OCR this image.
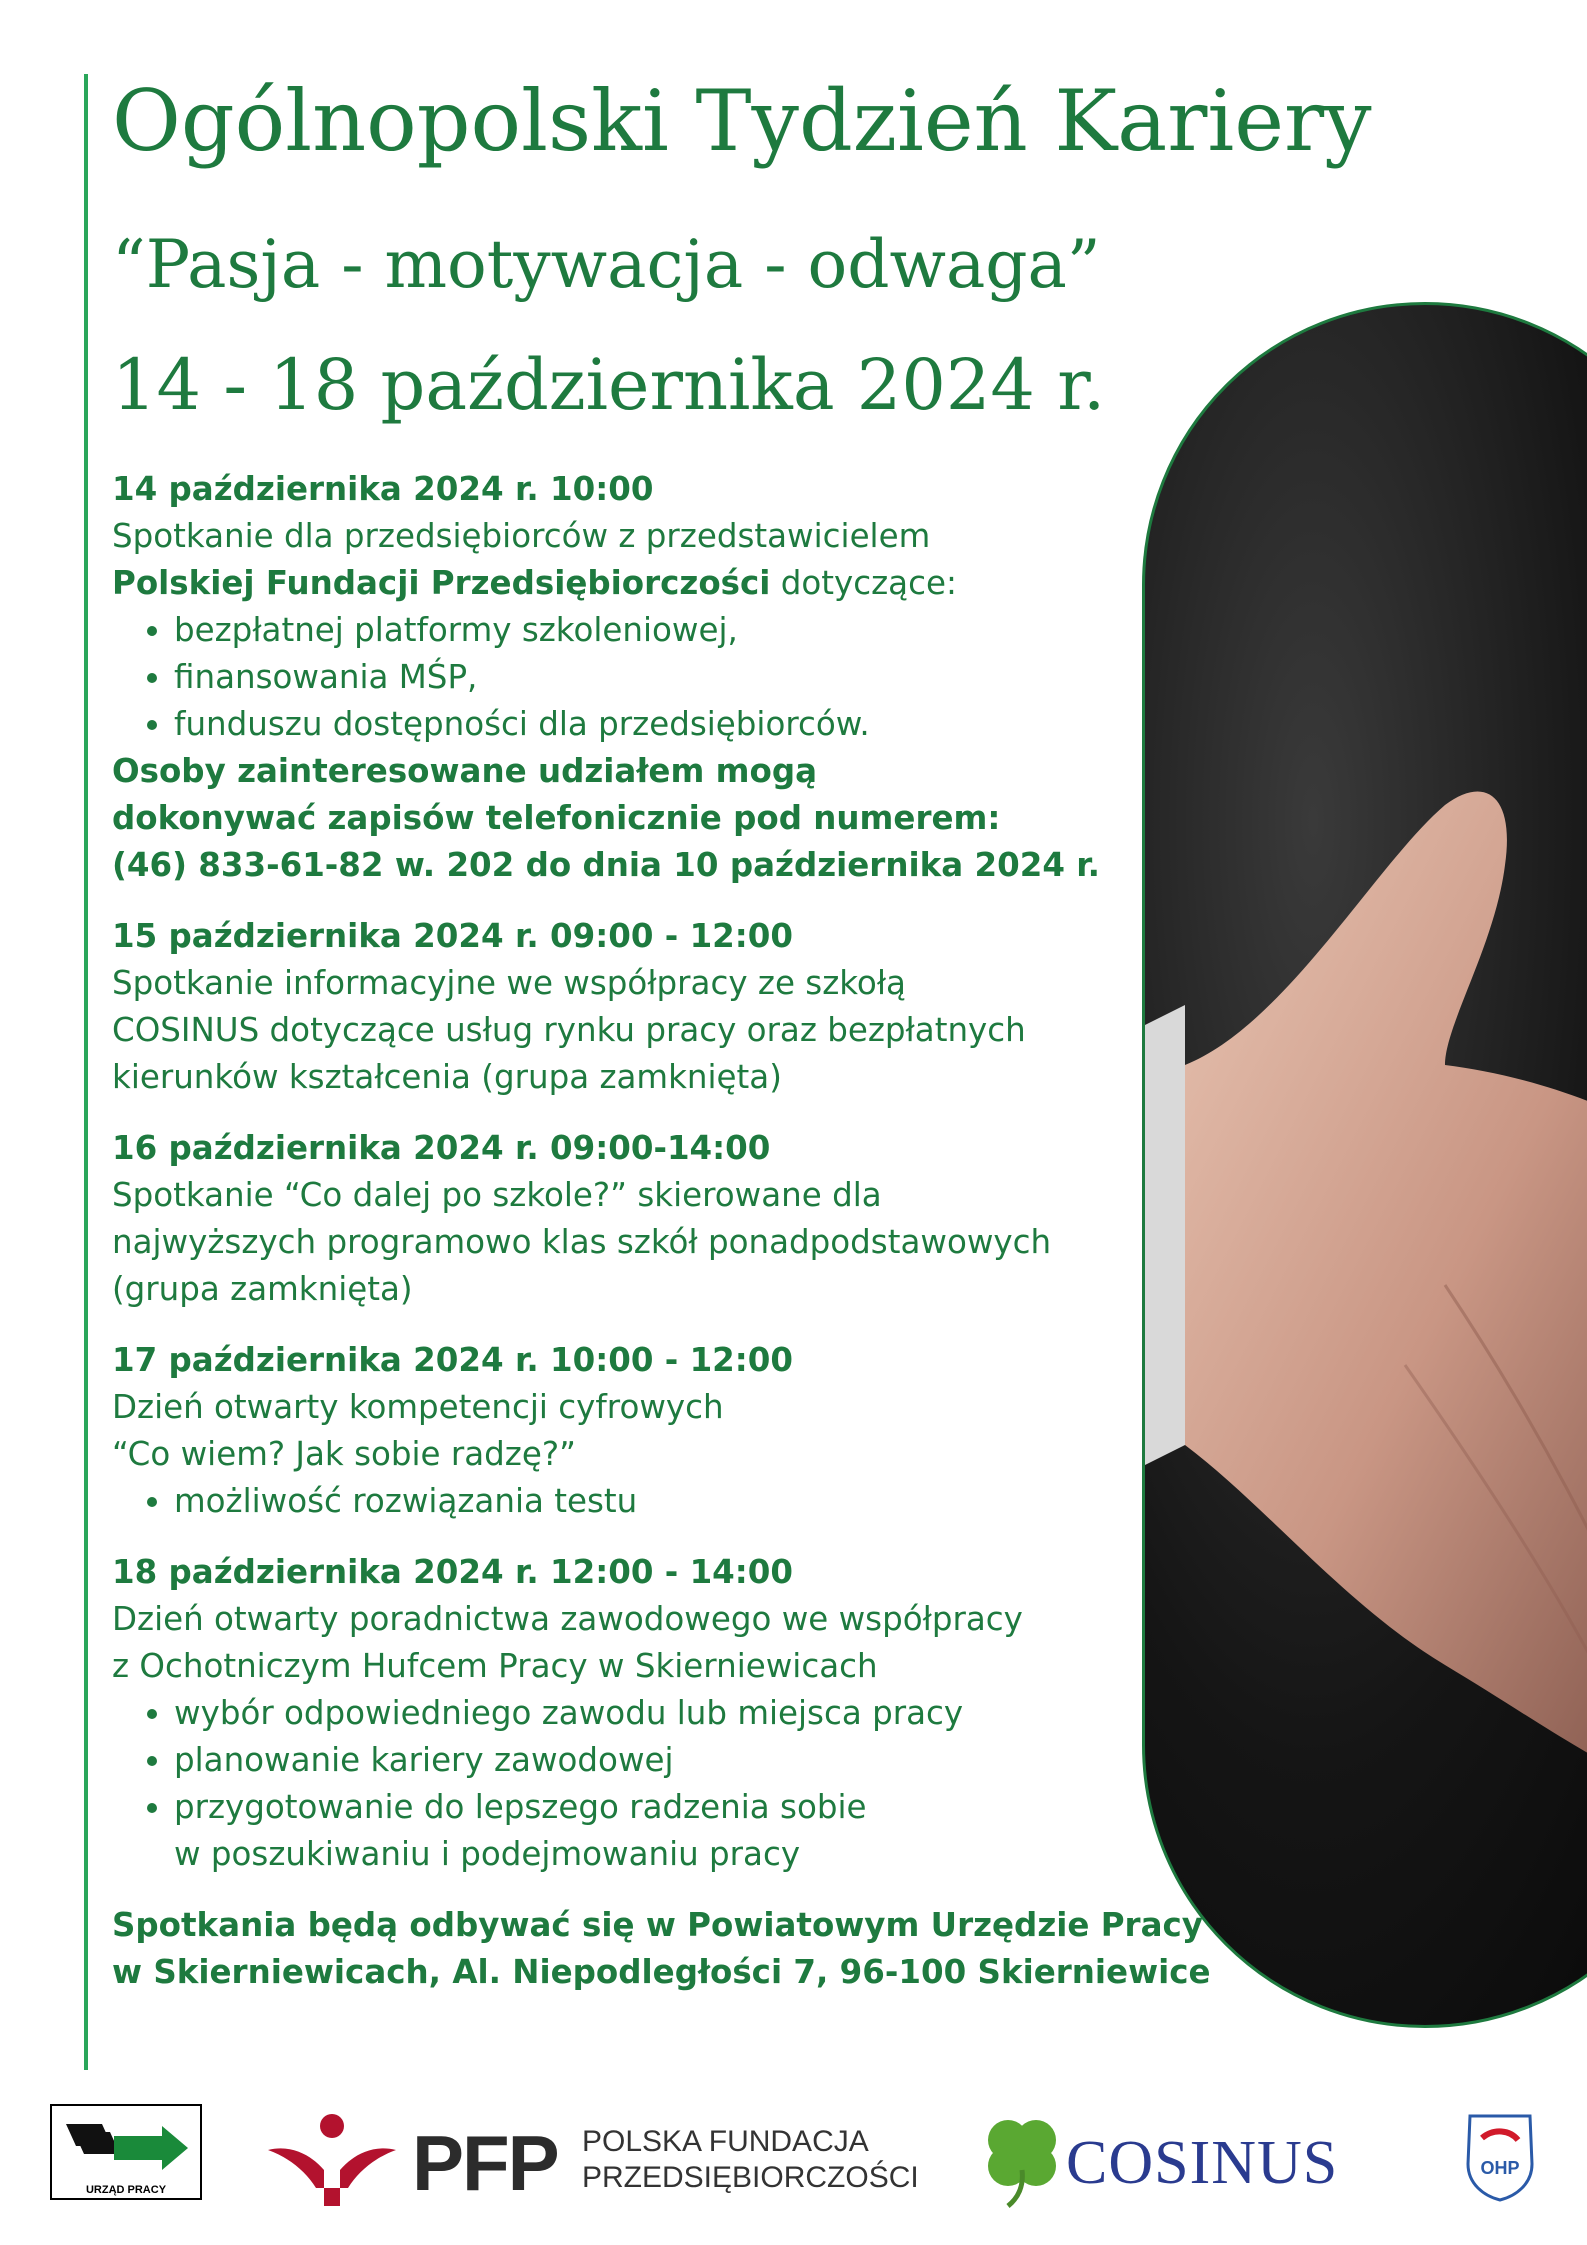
Ogólnopolski Tydzień Kariery
“Pasja - motywacja - odwaga”
14 - 18 października 2024 r.
14 października 2024 r. 10:00
Spotkanie dla przedsiębiorców z przedstawicielem
Polskiej Fundacji Przedsiębiorczości dotyczące:
• bezpłatnej platformy szkoleniowej,
• finansowania MŚP,
• funduszu dostępności dla przedsiębiorców.
Osoby zainteresowane udziałem mogą
dokonywać zapisów telefonicznie pod numerem:
(46) 833-61-82 w. 202 do dnia 10 października 2024 r.
15 października 2024 r. 09:00 - 12:00
Spotkanie informacyjne we współpracy ze szkołą
COSINUS dotyczące usług rynku pracy oraz bezpłatnych
kierunków kształcenia (grupa zamknięta)
16 października 2024 r. 09:00-14:00
Spotkanie “Co dalej po szkole?” skierowane dla
najwyższych programowo klas szkół ponadpodstawowych
(grupa zamknięta)
17 października 2024 r. 10:00 - 12:00
Dzień otwarty kompetencji cyfrowych
“Co wiem? Jak sobie radzę?”
• możliwość rozwiązania testu
18 października 2024 r. 12:00 - 14:00
Dzień otwarty poradnictwa zawodowego we współpracy
z Ochotniczym Hufcem Pracy w Skierniewicach
• wybór odpowiedniego zawodu lub miejsca pracy
• planowanie kariery zawodowej
• przygotowanie do lepszego radzenia sobie
w poszukiwaniu i podejmowaniu pracy
Spotkania będą odbywać się w Powiatowym Urzędzie Pracy
w Skierniewicach, Al. Niepodległości 7, 96-100 Skierniewice
URZĄD PRACY	PFP POLSKA FUNDACJA
PRZEDSIĘBIORCZOŚCI COSINUS	OHP
